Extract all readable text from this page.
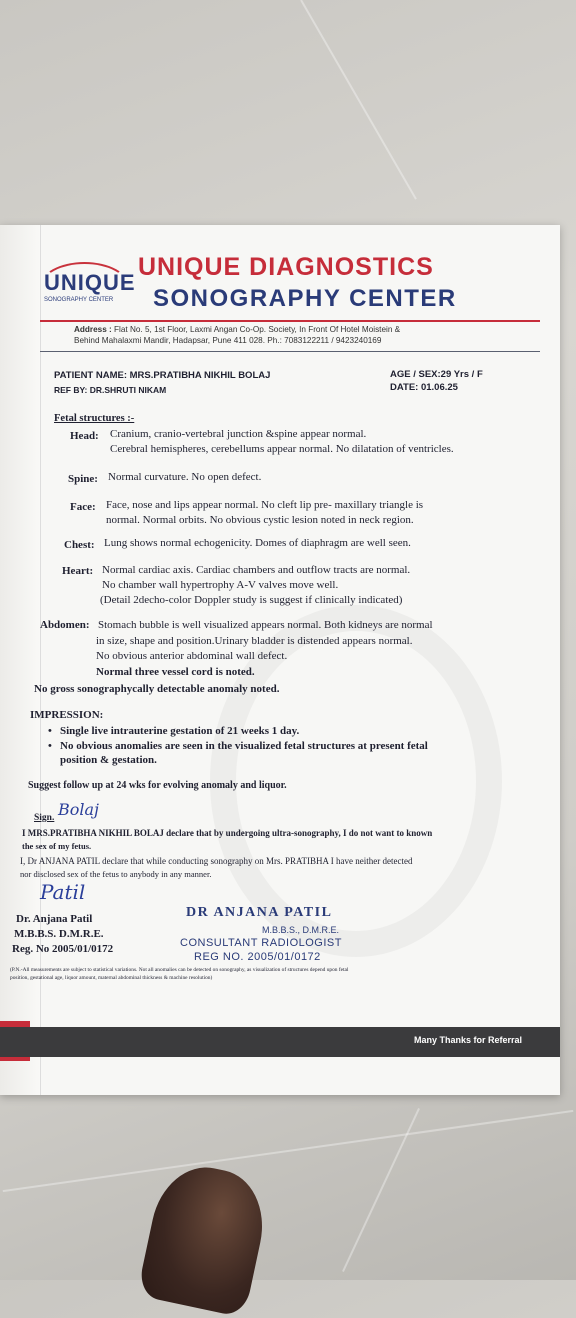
UNIQUE
SONOGRAPHY CENTER
UNIQUE DIAGNOSTICS
SONOGRAPHY CENTER
Address : Flat No. 5, 1st Floor, Laxmi Angan Co-Op. Society, In Front Of Hotel Moistein &
Behind Mahalaxmi Mandir, Hadapsar, Pune 411 028. Ph.: 7083122211 / 9423240169
PATIENT NAME: MRS.PRATIBHA NIKHIL BOLAJ
REF BY: DR.SHRUTI NIKAM
AGE / SEX:29 Yrs / F
DATE: 01.06.25
Fetal structures :-
Head: Cranium, cranio-vertebral junction &spine appear normal.
Cerebral hemispheres, cerebellums appear normal. No dilatation of ventricles.
Spine: Normal curvature. No open defect.
Face: Face, nose and lips appear normal. No cleft lip pre- maxillary triangle is
normal. Normal orbits. No obvious cystic lesion noted in neck region.
Chest: Lung shows normal echogenicity. Domes of diaphragm are well seen.
Heart: Normal cardiac axis. Cardiac chambers and outflow tracts are normal.
No chamber wall hypertrophy A-V valves move well.
(Detail 2decho-color Doppler study is suggest if clinically indicated)
Abdomen: Stomach bubble is well visualized appears normal. Both kidneys are normal
in size, shape and position.Urinary bladder is distended appears normal.
No obvious anterior abdominal wall defect.
Normal three vessel cord is noted.
No gross sonographycally detectable anomaly noted.
IMPRESSION:
• Single live intrauterine gestation of 21 weeks 1 day.
• No obvious anomalies are seen in the visualized fetal structures at present fetal
position & gestation.
Suggest follow up at 24 wks for evolving anomaly and liquor.
Sign. Bolaj
I MRS.PRATIBHA NIKHIL BOLAJ declare that by undergoing ultra-sonography, I do not want to known
the sex of my fetus.
I, Dr ANJANA PATIL declare that while conducting sonography on Mrs. PRATIBHA I have neither detected
nor disclosed sex of the fetus to anybody in any manner.
Patil
Dr. Anjana Patil
M.B.B.S. D.M.R.E.
Reg. No 2005/01/0172
DR ANJANA PATIL
M.B.B.S., D.M.R.E.
CONSULTANT RADIOLOGIST
REG NO. 2005/01/0172
(P.N.-All measurements are subject to statistical variations. Not all anomalies can be detected on sonography, as visualization of structures depend upon fetal
position, gestational age, liquor amount, maternal abdominal thickness & machine resolution)
Many Thanks for Referral
